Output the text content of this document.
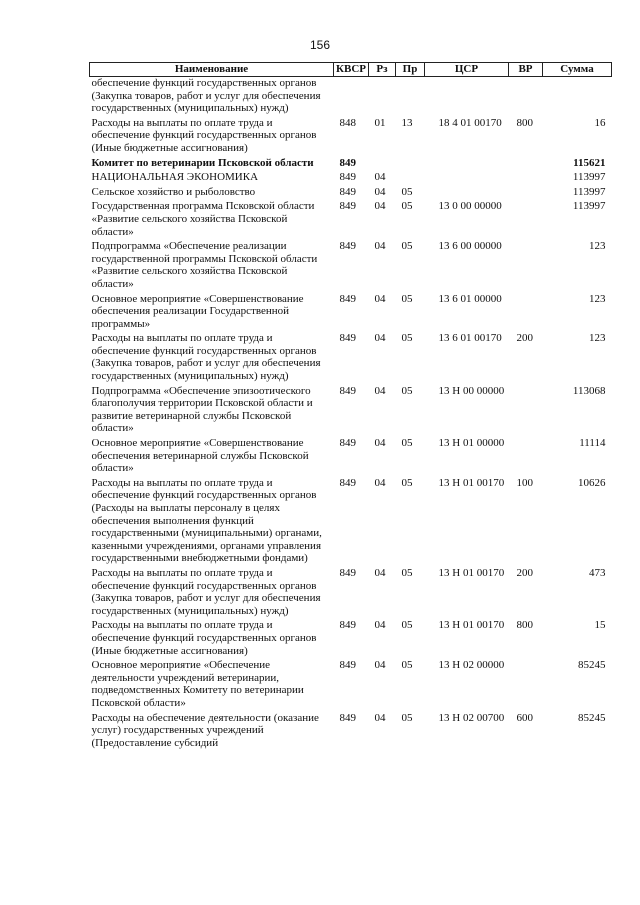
156
Наименование	КВСР	Рз	Пр	ЦСР	ВР	Сумма
обеспечение функций государственных органов (Закупка товаров, работ и услуг для обеспечения государственных (муниципальных) нужд)						
Расходы на выплаты по оплате труда и обеспечение функций государственных органов (Иные бюджетные ассигнования)	848	01	13	18 4 01 00170	800	16
Комитет по ветеринарии Псковской области	849					115621
НАЦИОНАЛЬНАЯ ЭКОНОМИКА	849	04				113997
Сельское хозяйство и рыболовство	849	04	05			113997
Государственная программа Псковской области «Развитие сельского хозяйства Псковской области»	849	04	05	13 0 00 00000		113997
Подпрограмма «Обеспечение реализации государственной программы Псковской области «Развитие сельского хозяйства Псковской области»	849	04	05	13 6 00 00000		123
Основное мероприятие «Совершенствование обеспечения реализации Государственной программы»	849	04	05	13 6 01 00000		123
Расходы на выплаты по оплате труда и обеспечение функций государственных органов (Закупка товаров, работ и услуг для обеспечения государственных (муниципальных) нужд)	849	04	05	13 6 01 00170	200	123
Подпрограмма «Обеспечение эпизоотического благополучия территории Псковской области и развитие ветеринарной службы Псковской области»	849	04	05	13 Н 00 00000		113068
Основное мероприятие «Совершенствование обеспечения ветеринарной службы Псковской области»	849	04	05	13 Н 01 00000		11114
Расходы на выплаты по оплате труда и обеспечение функций государственных органов (Расходы на выплаты персоналу в целях обеспечения выполнения функций государственными (муниципальными) органами, казенными учреждениями, органами управления государственными внебюджетными фондами)	849	04	05	13 Н 01 00170	100	10626
Расходы на выплаты по оплате труда и обеспечение функций государственных органов (Закупка товаров, работ и услуг для обеспечения государственных (муниципальных) нужд)	849	04	05	13 Н 01 00170	200	473
Расходы на выплаты по оплате труда и обеспечение функций государственных органов (Иные бюджетные ассигнования)	849	04	05	13 Н 01 00170	800	15
Основное мероприятие «Обеспечение деятельности учреждений ветеринарии, подведомственных Комитету по ветеринарии Псковской области»	849	04	05	13 Н 02 00000		85245
Расходы на обеспечение деятельности (оказание услуг) государственных учреждений (Предоставление субсидий	849	04	05	13 Н 02 00700	600	85245
